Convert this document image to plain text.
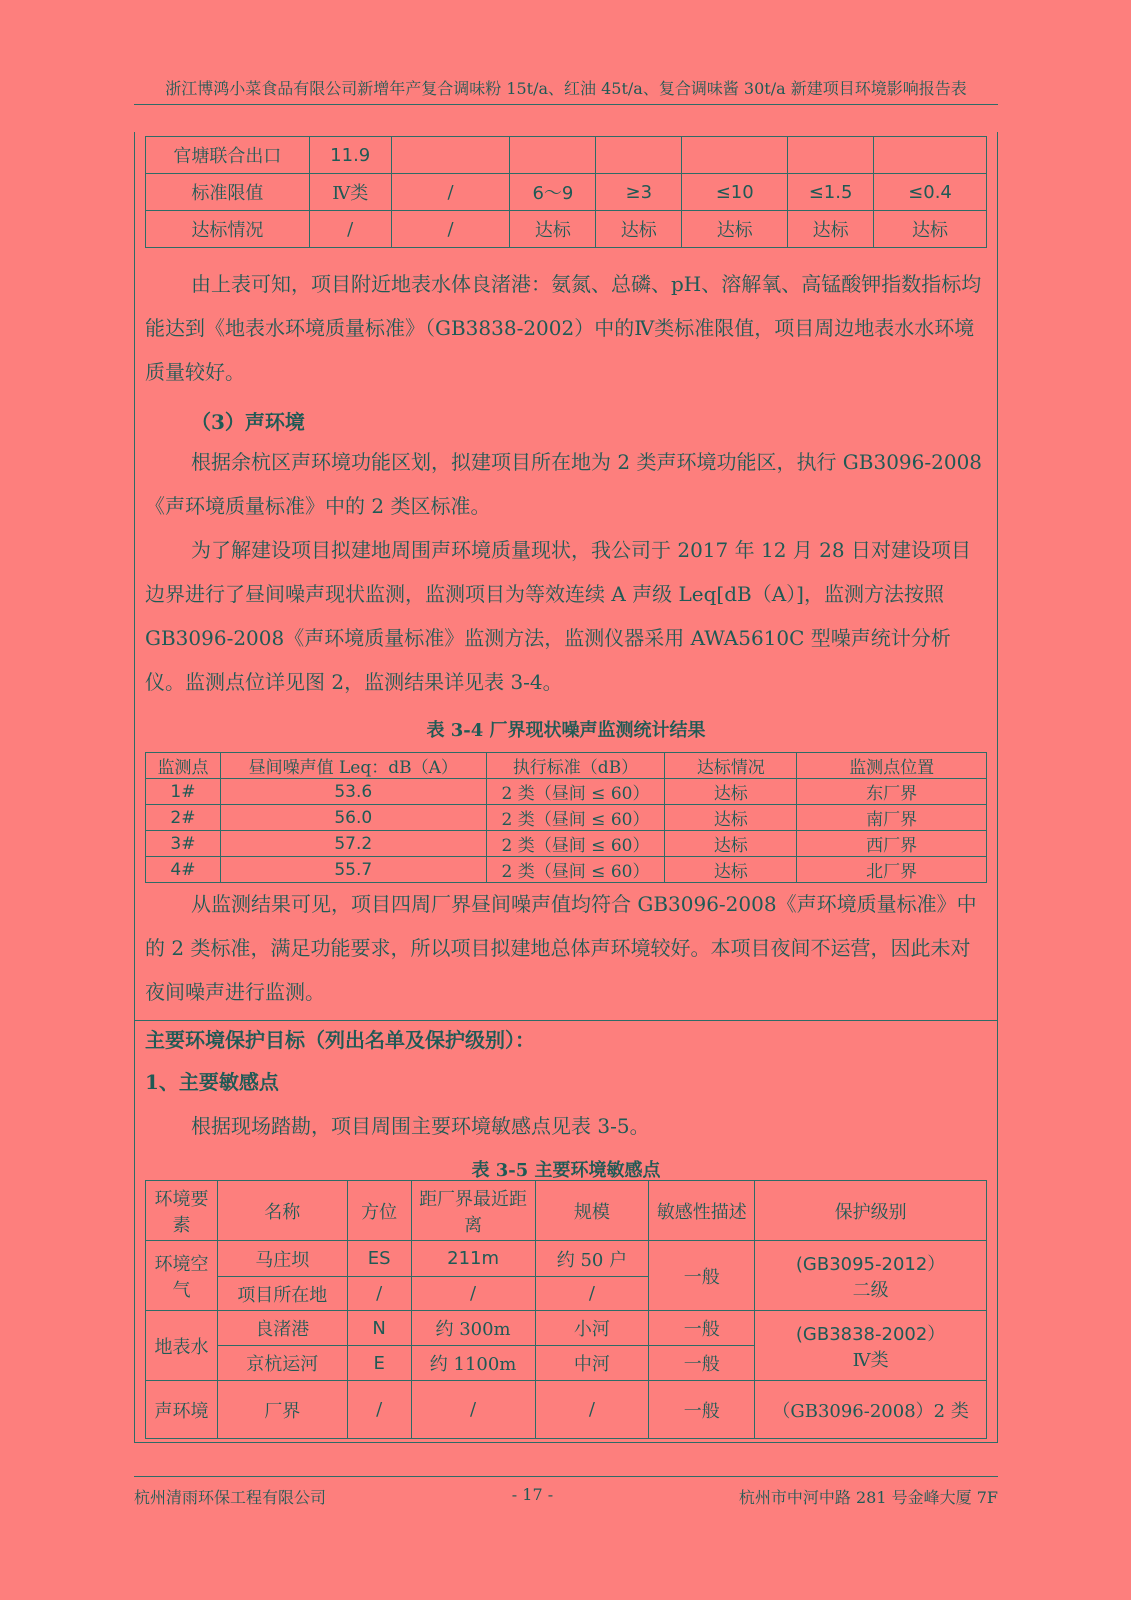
浙江博鸿小菜食品有限公司新增年产复合调味粉 15t/a、红油 45t/a、复合调味酱 30t/a 新建项目环境影响报告表
官塘联合出口	11.9						
标准限值	Ⅳ类	/	6～9	≥3	≤10	≤1.5	≤0.4
达标情况	/	/	达标	达标	达标	达标	达标

由上表可知，项目附近地表水体良渚港：氨氮、总磷、pH、溶解氧、高锰酸钾指数指标均能达到《地表水环境质量标准》（GB3838-2002）中的Ⅳ类标准限值，项目周边地表水水环境质量较好。

（3）声环境

根据余杭区声环境功能区划，拟建项目所在地为 2 类声环境功能区，执行 GB3096-2008《声环境质量标准》中的 2 类区标准。

为了解建设项目拟建地周围声环境质量现状，我公司于 2017 年 12 月 28 日对建设项目边界进行了昼间噪声现状监测，监测项目为等效连续 A 声级 Leq[dB（A）]，监测方法按照 GB3096-2008《声环境质量标准》监测方法，监测仪器采用 AWA5610C 型噪声统计分析仪。监测点位详见图 2，监测结果详见表 3-4。

表 3-4 厂界现状噪声监测统计结果
监测点	昼间噪声值 Leq：dB（A）	执行标准（dB）	达标情况	监测点位置
1#	53.6	2 类（昼间 ≤ 60）	达标	东厂界
2#	56.0	2 类（昼间 ≤ 60）	达标	南厂界
3#	57.2	2 类（昼间 ≤ 60）	达标	西厂界
4#	55.7	2 类（昼间 ≤ 60）	达标	北厂界

从监测结果可见，项目四周厂界昼间噪声值均符合 GB3096-2008《声环境质量标准》中的 2 类标准，满足功能要求，所以项目拟建地总体声环境较好。本项目夜间不运营，因此未对夜间噪声进行监测。

主要环境保护目标（列出名单及保护级别）：
1、主要敏感点

根据现场踏勘，项目周围主要环境敏感点见表 3-5。

表 3-5 主要环境敏感点
环境要素	名称	方位	距厂界最近距离	规模	敏感性描述	保护级别
环境空气	马庄坝	ES	211m	约 50 户	一般	(GB3095-2012）
二级

	项目所在地	/	/	/		
地表水	良渚港	N	约 300m	小河	一般	(GB3838-2002）
Ⅳ类

	京杭运河	E	约 1100m	中河	一般	
声环境	厂界	/	/	/	一般	（GB3096-2008）2 类
杭州清雨环保工程有限公司	- 17 -	杭州市中河中路 281 号金峰大厦 7F
